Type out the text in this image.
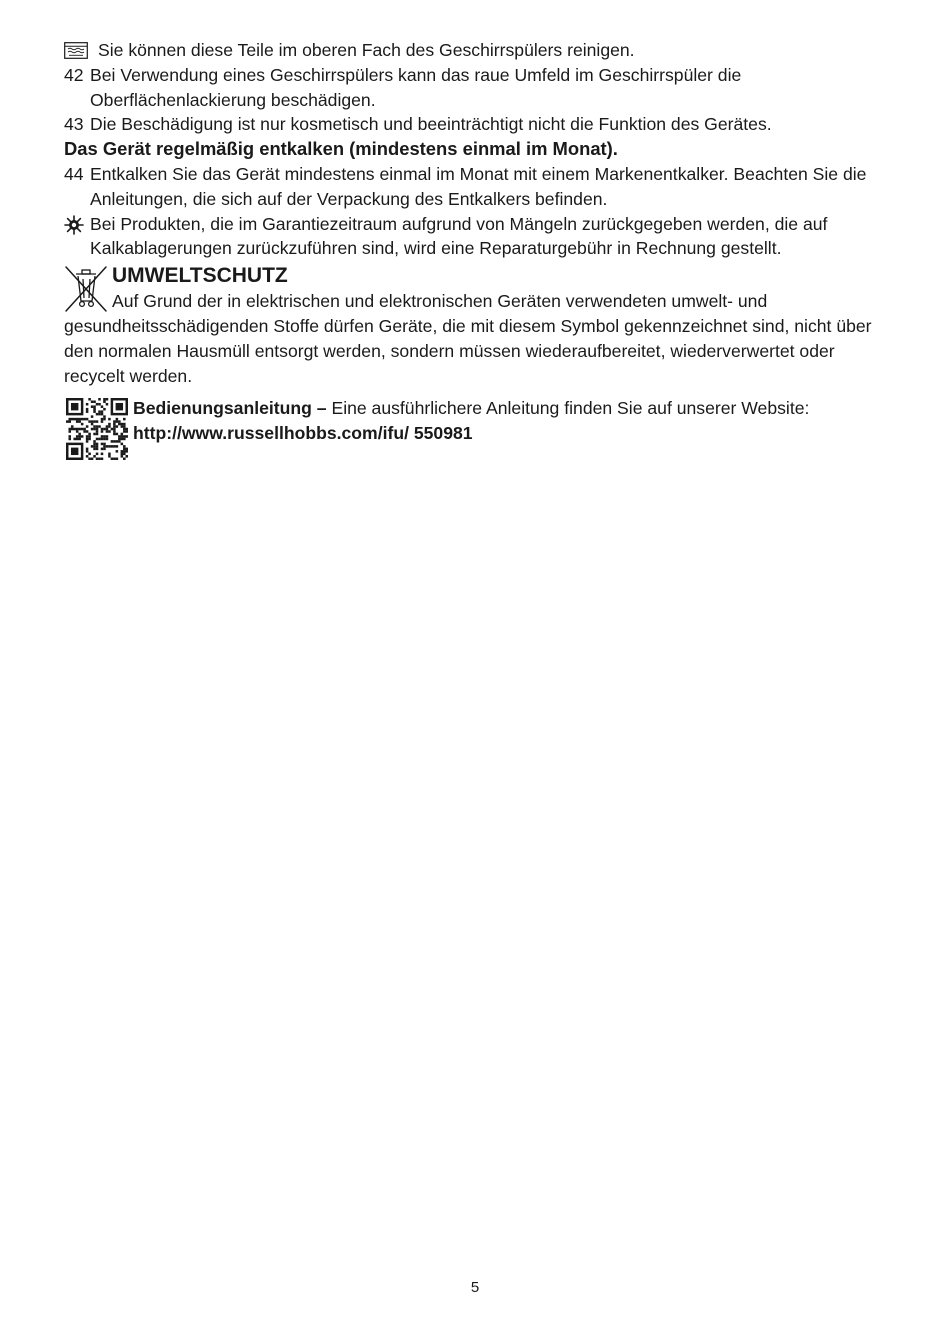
Sie können diese Teile im oberen Fach des Geschirrspülers reinigen.
42 Bei Verwendung eines Geschirrspülers kann das raue Umfeld im Geschirrspüler die Oberflächenlackierung beschädigen.
43 Die Beschädigung ist nur kosmetisch und beeinträchtigt nicht die Funktion des Gerätes.
Das Gerät regelmäßig entkalken (mindestens einmal im Monat).
44 Entkalken Sie das Gerät mindestens einmal im Monat mit einem Markenentkalker. Beachten Sie die Anleitungen, die sich auf der Verpackung des Entkalkers befinden.
Bei Produkten, die im Garantiezeitraum aufgrund von Mängeln zurückgegeben werden, die auf Kalkablagerungen zurückzuführen sind, wird eine Reparaturgebühr in Rechnung gestellt.
UMWELTSCHUTZ
Auf Grund der in elektrischen und elektronischen Geräten verwendeten umwelt- und gesundheitsschädigenden Stoffe dürfen Geräte, die mit diesem Symbol gekennzeichnet sind, nicht über den normalen Hausmüll entsorgt werden, sondern müssen wiederaufbereitet, wiederverwertet oder recycelt werden.
Bedienungsanleitung – Eine ausführlichere Anleitung finden Sie auf unserer Website:
http://www.russellhobbs.com/ifu/ 550981
5
